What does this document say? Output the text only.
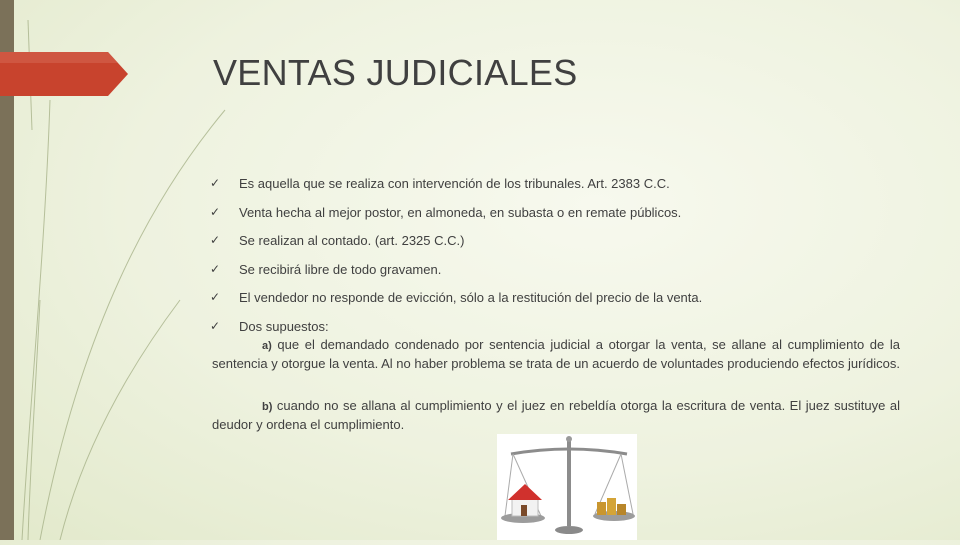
VENTAS JUDICIALES
✓ Es aquella que se realiza con intervención de los tribunales. Art. 2383 C.C.
✓ Venta hecha al mejor postor, en almoneda, en subasta o en remate públicos.
✓ Se realizan al contado. (art. 2325 C.C.)
✓ Se recibirá libre de todo gravamen.
✓ El vendedor no responde de evicción, sólo a la restitución del precio de la venta.
✓ Dos supuestos:

a) que el demandado condenado por sentencia judicial a otorgar la venta, se allane al cumplimiento de la sentencia y otorgue la venta. Al no haber problema se trata de un acuerdo de voluntades produciendo efectos jurídicos.

b) cuando no se allana al cumplimiento y el juez en rebeldía otorga la escritura de venta. El juez sustituye al deudor y ordena el cumplimiento.
